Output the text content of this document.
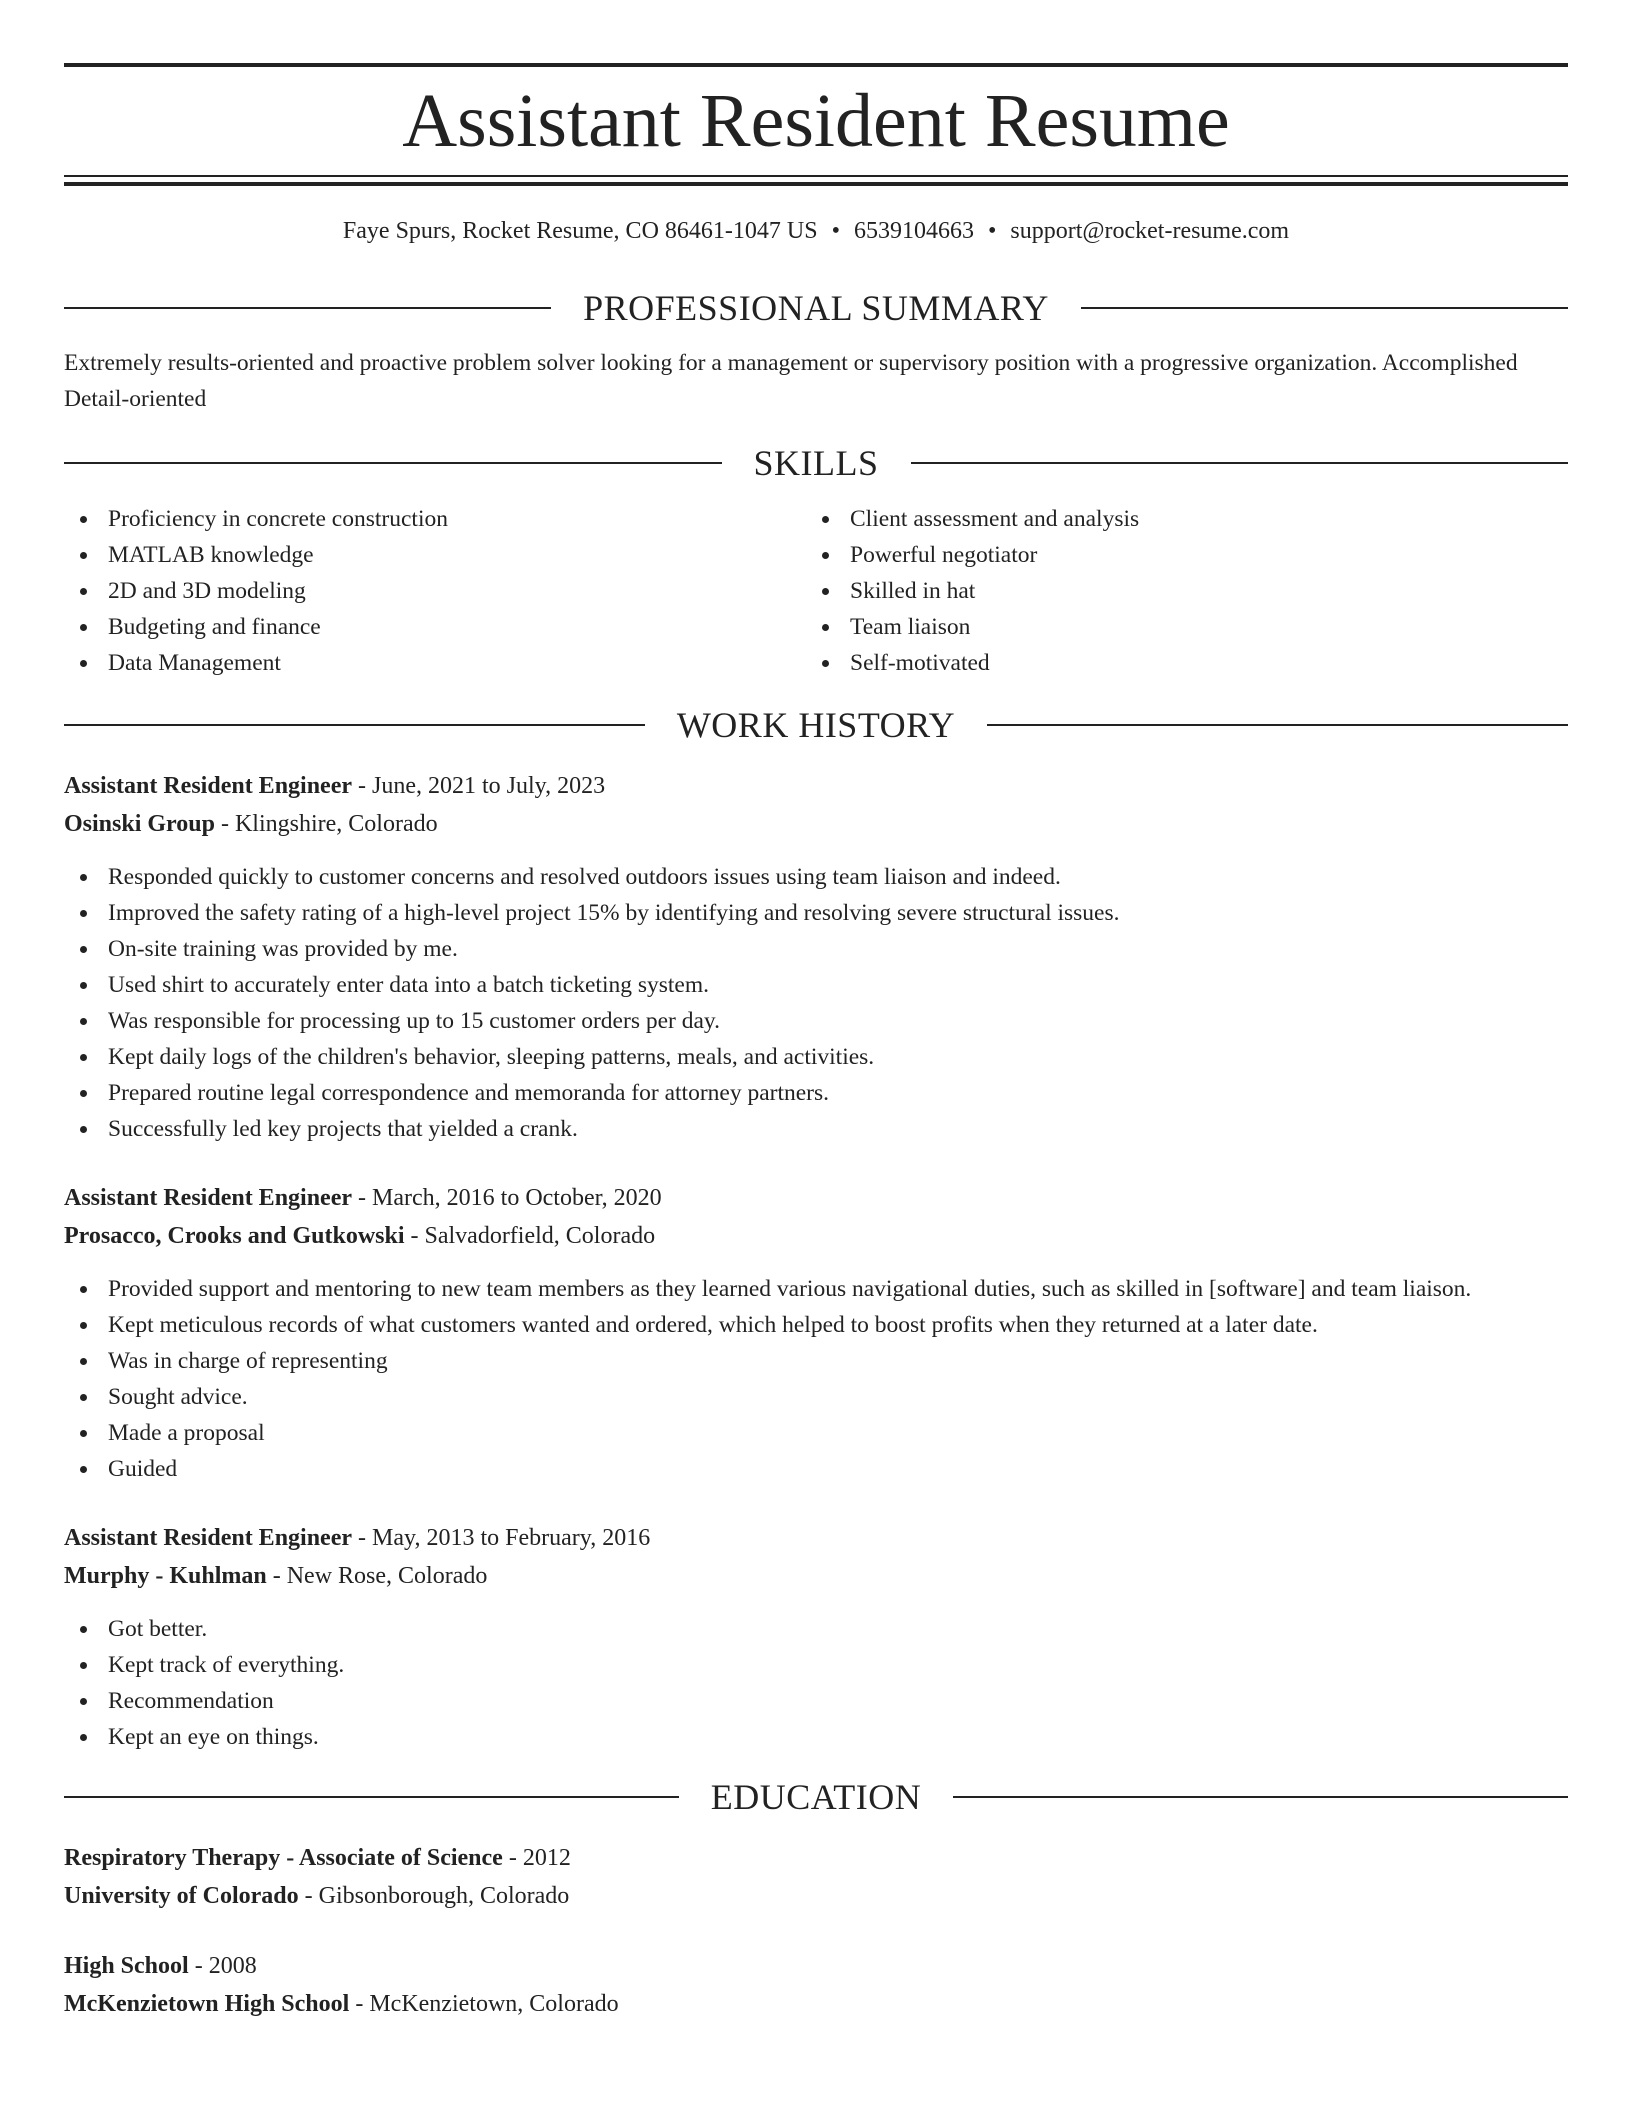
Assistant Resident Resume
Faye Spurs, Rocket Resume, CO 86461-1047 US • 6539104663 • support@rocket-resume.com
PROFESSIONAL SUMMARY

Extremely results-oriented and proactive problem solver looking for a management or supervisory position with a progressive organization. Accomplished Detail-oriented

SKILLS
Proficiency in concrete construction
MATLAB knowledge
2D and 3D modeling
Budgeting and finance
Data Management
Client assessment and analysis
Powerful negotiator
Skilled in hat
Team liaison
Self-motivated
WORK HISTORY
Assistant Resident Engineer - June, 2021 to July, 2023
Osinski Group - Klingshire, Colorado
Responded quickly to customer concerns and resolved outdoors issues using team liaison and indeed.
Improved the safety rating of a high-level project 15% by identifying and resolving severe structural issues.
On-site training was provided by me.
Used shirt to accurately enter data into a batch ticketing system.
Was responsible for processing up to 15 customer orders per day.
Kept daily logs of the children's behavior, sleeping patterns, meals, and activities.
Prepared routine legal correspondence and memoranda for attorney partners.
Successfully led key projects that yielded a crank.
Assistant Resident Engineer - March, 2016 to October, 2020
Prosacco, Crooks and Gutkowski - Salvadorfield, Colorado
Provided support and mentoring to new team members as they learned various navigational duties, such as skilled in [software] and team liaison.
Kept meticulous records of what customers wanted and ordered, which helped to boost profits when they returned at a later date.
Was in charge of representing
Sought advice.
Made a proposal
Guided
Assistant Resident Engineer - May, 2013 to February, 2016
Murphy - Kuhlman - New Rose, Colorado
Got better.
Kept track of everything.
Recommendation
Kept an eye on things.
EDUCATION
Respiratory Therapy - Associate of Science - 2012
University of Colorado - Gibsonborough, Colorado
High School - 2008
McKenzietown High School - McKenzietown, Colorado
